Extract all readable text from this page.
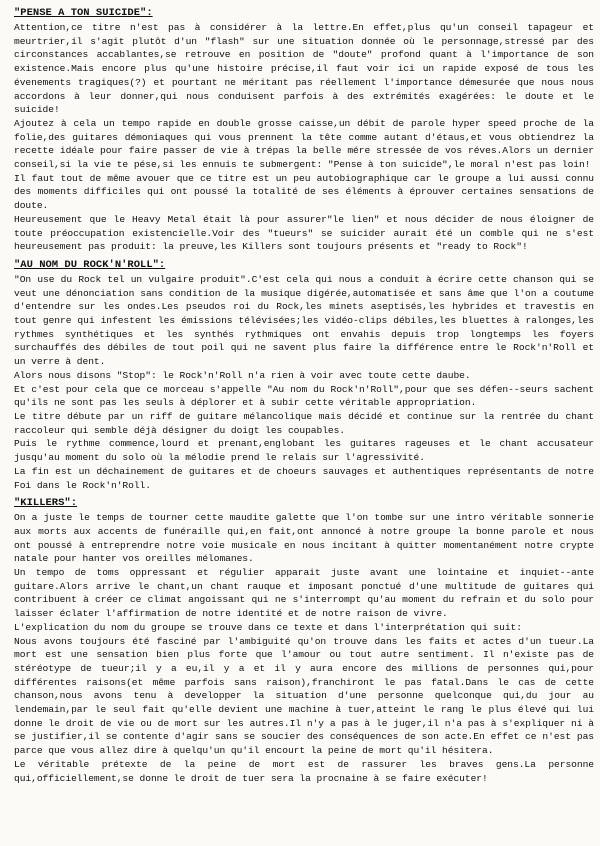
"PENSE A TON SUICIDE":

Attention,ce titre n'est pas à considérer à la lettre.En effet,plus qu'un conseil tapageur et meurtrier,il s'agit plutôt d'un "flash" sur une situation donnée où le personnage,stressé par des circonstances accablantes,se retrouve en position de "doute" profond quant à l'importance de son existence.Mais encore plus qu'une histoire précise,il faut voir ici un rapide exposé de tous les évenements tragiques(?) et pourtant ne méritant pas réellement l'importance démesurée que nous nous accordons à leur donner,qui nous conduisent parfois à des extrémités exagérées: le doute et le suicide!

Ajoutez à cela un tempo rapide en double grosse caisse,un débit de parole hyper speed proche de la folie,des guitares démoniaques qui vous prennent la tête comme autant d'étaus,et vous obtiendrez la recette idéale pour faire passer de vie à trépas la belle mére stressée de vos réves.Alors un dernier conseil,si la vie te pése,si les ennuis te submergent: "Pense à ton suicide",le moral n'est pas loin!

Il faut tout de même avouer que ce titre est un peu autobiographique car le groupe a lui aussi connu des moments difficiles qui ont poussé la totalité de ses éléments à éprouver certaines sensations de doute.

Heureusement que le Heavy Metal était là pour assurer"le lien" et nous décider de nous éloigner de toute préoccupation existencielle.Voir des "tueurs" se suicider aurait été un comble qui ne s'est heureusement pas produit: la preuve,les Killers sont toujours présents et "ready to Rock"!

"AU NOM DU ROCK'N'ROLL":

"On use du Rock tel un vulgaire produit".C'est cela qui nous a conduit à écrire cette chanson qui se veut une dénonciation sans condition de la musique digérée,automatisée et sans âme que l'on a coutume d'entendre sur les ondes.Les pseudos roi du Rock,les minets aseptisés,les hybrides et travestis en tout genre qui infestent les émissions télévisées;les vidéo-clips débiles,les bluettes à ralonges,les rythmes synthétiques et les synthés rythmiques ont envahis depuis trop longtemps les foyers surchauffés des débiles de tout poil qui ne savent plus faire la différence entre le Rock'n'Roll et un verre à dent.

Alors nous disons "Stop": le Rock'n'Roll n'a rien à voir avec toute cette daube.

Et c'est pour cela que ce morceau s'appelle "Au nom du Rock'n'Roll",pour que ses défen--seurs sachent qu'ils ne sont pas les seuls à déplorer et à subir cette véritable appropriation.

Le titre débute par un riff de guitare mélancolique mais décidé et continue sur la rentrée du chant raccoleur qui semble déjà désigner du doigt les coupables.

Puis le rythme commence,lourd et prenant,englobant les guitares rageuses et le chant accusateur jusqu'au moment du solo où la mélodie prend le relais sur l'agressivité.

La fin est un déchainement de guitares et de choeurs sauvages et authentiques représentants de notre Foi dans le Rock'n'Roll.

"KILLERS":

On a juste le temps de tourner cette maudite galette que l'on tombe sur une intro véritable sonnerie aux morts aux accents de funéraille qui,en fait,ont annoncé à notre groupe la bonne parole et nous ont poussé à entreprendre notre voie musicale en nous incitant à quitter momentanément notre crypte natale pour hanter vos oreilles mélomanes.

Un tempo de toms oppressant et régulier apparait juste avant une lointaine et inquiet--ante guitare.Alors arrive le chant,un chant rauque et imposant ponctué d'une multitude de guitares qui contribuent à créer ce climat angoissant qui ne s'interrompt qu'au moment du refrain et du solo pour laisser éclater l'affirmation de notre identité et de notre raison de vivre.

L'explication du nom du groupe se trouve dans ce texte et dans l'interprétation qui suit:

Nous avons toujours été fasciné par l'ambiguité qu'on trouve dans les faits et actes d'un tueur.La mort est une sensation bien plus forte que l'amour ou tout autre sentiment. Il n'existe pas de stéréotype de tueur;il y a eu,il y a et il y aura encore des millions de personnes qui,pour différentes raisons(et même parfois sans raison),franchiront le pas fatal.Dans le cas de cette chanson,nous avons tenu à developper la situation d'une personne quelconque qui,du jour au lendemain,par le seul fait qu'elle devient une machine à tuer,atteint le rang le plus élevé qui lui donne le droit de vie ou de mort sur les autres.Il n'y a pas à le juger,il n'a pas à s'expliquer ni à se justifier,il se contente d'agir sans se soucier des conséquences de son acte.En effet ce n'est pas parce que vous allez dire à quelqu'un qu'il encourt la peine de mort qu'il hésitera.

Le véritable prétexte de la peine de mort est de rassurer les braves gens.La personne qui,officiellement,se donne le droit de tuer sera la procnaine à se faire exécuter!
